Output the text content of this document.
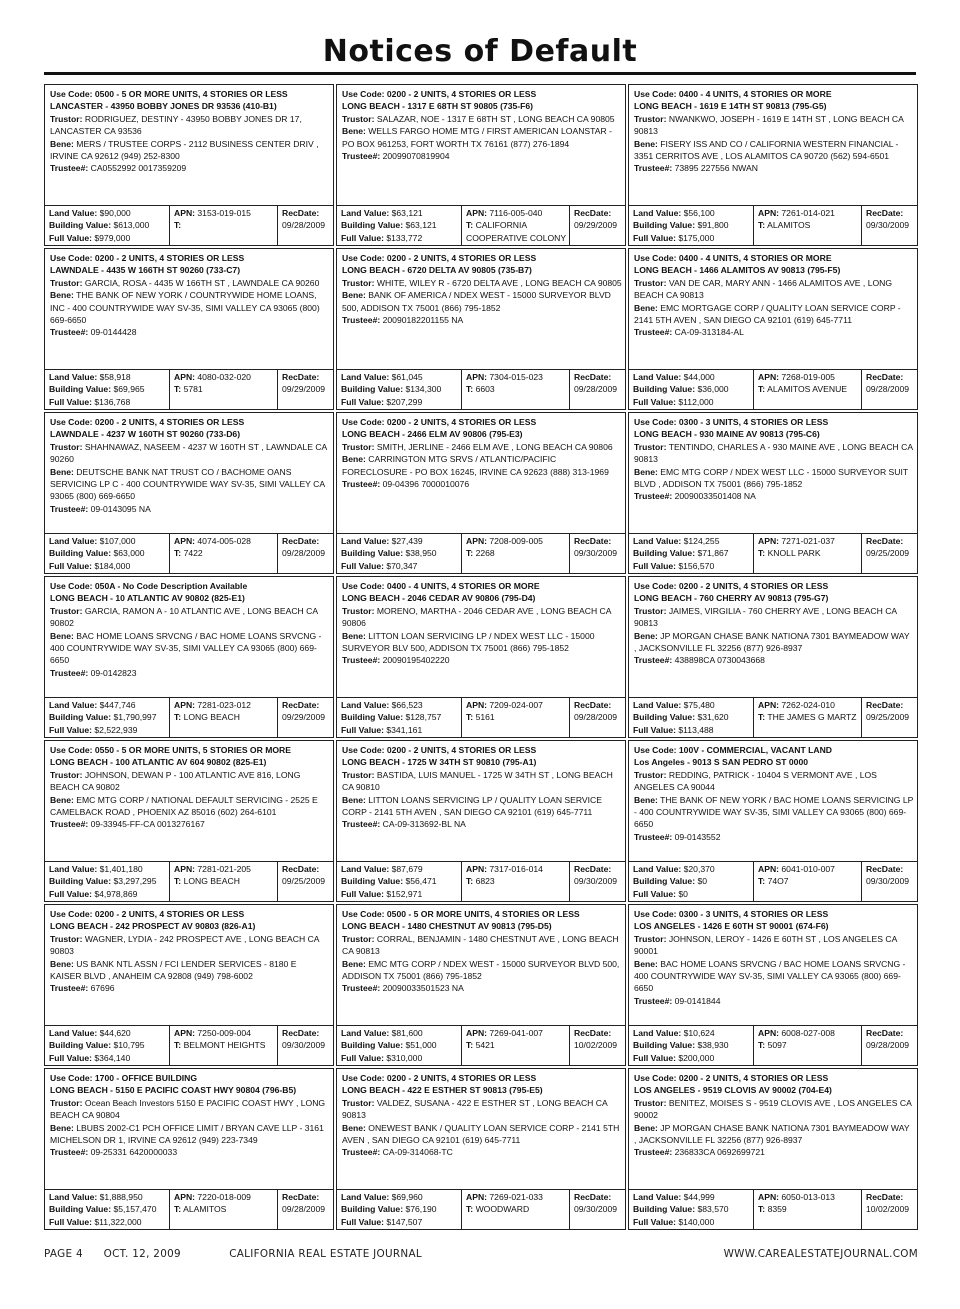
Notices of Default
Use Code: 0500 - 5 OR MORE UNITS, 4 STORIES OR LESS
LANCASTER - 43950 BOBBY JONES DR 93536 (410-B1)
Trustor: RODRIGUEZ, DESTINY - 43950 BOBBY JONES DR 17, LANCASTER CA 93536
Bene: MERS / TRUSTEE CORPS - 2112 BUSINESS CENTER DRIV , IRVINE CA 92612 (949) 252-8300
Trustee#: CA0552992 0017359209
Land Value: $90,000
Building Value: $613,000
Full Value: $979,000
APN: 3153-019-015
T:
RecDate:
09/28/2009
Use Code: 0200 - 2 UNITS, 4 STORIES OR LESS
LONG BEACH - 1317 E 68TH ST 90805 (735-F6)
Trustor: SALAZAR, NOE - 1317 E 68TH ST , LONG BEACH CA 90805
Bene: WELLS FARGO HOME MTG / FIRST AMERICAN LOANSTAR - PO BOX 961253, FORT WORTH TX 76161 (877) 276-1894
Trustee#: 20099070819904
Land Value: $63,121
Building Value: $63,121
Full Value: $133,772
APN: 7116-005-040
T: CALIFORNIA COOPERATIVE COLONY
RecDate:
09/29/2009
Use Code: 0400 - 4 UNITS, 4 STORIES OR MORE
LONG BEACH - 1619 E 14TH ST 90813 (795-G5)
Trustor: NWANKWO, JOSEPH - 1619 E 14TH ST , LONG BEACH CA 90813
Bene: FISERY ISS AND CO / CALIFORNIA WESTERN FINANCIAL - 3351 CERRITOS AVE , LOS ALAMITOS CA 90720 (562) 594-6501
Trustee#: 73895 227556 NWAN
Land Value: $56,100
Building Value: $91,800
Full Value: $175,000
APN: 7261-014-021
T: ALAMITOS
RecDate:
09/30/2009
Use Code: 0200 - 2 UNITS, 4 STORIES OR LESS
LAWNDALE - 4435 W 166TH ST 90260 (733-C7)
Trustor: GARCIA, ROSA - 4435 W 166TH ST , LAWNDALE CA 90260
Bene: THE BANK OF NEW YORK / COUNTRYWIDE HOME LOANS, INC - 400 COUNTRYWIDE WAY SV-35, SIMI VALLEY CA 93065 (800) 669-6650
Trustee#: 09-0144428
Land Value: $58,918
Building Value: $69,965
Full Value: $136,768
APN: 4080-032-020
T: 5781
RecDate:
09/29/2009
Use Code: 0200 - 2 UNITS, 4 STORIES OR LESS
LONG BEACH - 6720 DELTA AV 90805 (735-B7)
Trustor: WHITE, WILEY R - 6720 DELTA AVE , LONG BEACH CA 90805
Bene: BANK OF AMERICA / NDEX WEST - 15000 SURVEYOR BLVD 500, ADDISON TX 75001 (866) 795-1852
Trustee#: 20090182201155 NA
Land Value: $61,045
Building Value: $134,300
Full Value: $207,299
APN: 7304-015-023
T: 6603
RecDate:
09/28/2009
Use Code: 0400 - 4 UNITS, 4 STORIES OR MORE
LONG BEACH - 1466 ALAMITOS AV 90813 (795-F5)
Trustor: VAN DE CAR, MARY ANN - 1466 ALAMITOS AVE , LONG BEACH CA 90813
Bene: EMC MORTGAGE CORP / QUALITY LOAN SERVICE CORP - 2141 5TH AVEN , SAN DIEGO CA 92101 (619) 645-7711
Trustee#: CA-09-313184-AL
Land Value: $44,000
Building Value: $36,000
Full Value: $112,000
APN: 7268-019-005
T: ALAMITOS AVENUE
RecDate:
09/28/2009
Use Code: 0200 - 2 UNITS, 4 STORIES OR LESS
LAWNDALE - 4237 W 160TH ST 90260 (733-D6)
Trustor: SHAHNAWAZ, NASEEM - 4237 W 160TH ST , LAWNDALE CA 90260
Bene: DEUTSCHE BANK NAT TRUST CO / BACHOME OANS SERVICING LP C - 400 COUNTRYWIDE WAY SV-35, SIMI VALLEY CA 93065 (800) 669-6650
Trustee#: 09-0143095 NA
Land Value: $107,000
Building Value: $63,000
Full Value: $184,000
APN: 4074-005-028
T: 7422
RecDate:
09/28/2009
Use Code: 0200 - 2 UNITS, 4 STORIES OR LESS
LONG BEACH - 2466 ELM AV 90806 (795-E3)
Trustor: SMITH, JERLINE - 2466 ELM AVE , LONG BEACH CA 90806
Bene: CARRINGTON MTG SRVS / ATLANTIC/PACIFIC FORECLOSURE - PO BOX 16245, IRVINE CA 92623 (888) 313-1969
Trustee#: 09-04396 7000010076
Land Value: $27,439
Building Value: $38,950
Full Value: $70,347
APN: 7208-009-005
T: 2268
RecDate:
09/30/2009
Use Code: 0300 - 3 UNITS, 4 STORIES OR LESS
LONG BEACH - 930 MAINE AV 90813 (795-C6)
Trustor: TENTINDO, CHARLES A - 930 MAINE AVE , LONG BEACH CA 90813
Bene: EMC MTG CORP / NDEX WEST LLC - 15000 SURVEYOR SUIT BLVD , ADDISON TX 75001 (866) 795-1852
Trustee#: 20090033501408 NA
Land Value: $124,255
Building Value: $71,867
Full Value: $156,570
APN: 7271-021-037
T: KNOLL PARK
RecDate:
09/25/2009
Use Code: 050A - No Code Description Available
LONG BEACH - 10 ATLANTIC AV 90802 (825-E1)
Trustor: GARCIA, RAMON A - 10 ATLANTIC AVE , LONG BEACH CA 90802
Bene: BAC HOME LOANS SRVCNG / BAC HOME LOANS SRVCNG - 400 COUNTRYWIDE WAY SV-35, SIMI VALLEY CA 93065 (800) 669-6650
Trustee#: 09-0142823
Land Value: $447,746
Building Value: $1,790,997
Full Value: $2,522,939
APN: 7281-023-012
T: LONG BEACH
RecDate:
09/29/2009
Use Code: 0400 - 4 UNITS, 4 STORIES OR MORE
LONG BEACH - 2046 CEDAR AV 90806 (795-D4)
Trustor: MORENO, MARTHA - 2046 CEDAR AVE , LONG BEACH CA 90806
Bene: LITTON LOAN SERVICING LP / NDEX WEST LLC - 15000 SURVEYOR BLV 500, ADDISON TX 75001 (866) 795-1852
Trustee#: 20090195402220
Land Value: $66,523
Building Value: $128,757
Full Value: $341,161
APN: 7209-024-007
T: 5161
RecDate:
09/28/2009
Use Code: 0200 - 2 UNITS, 4 STORIES OR LESS
LONG BEACH - 760 CHERRY AV 90813 (795-G7)
Trustor: JAIMES, VIRGILIA - 760 CHERRY AVE , LONG BEACH CA 90813
Bene: JP MORGAN CHASE BANK NATIONA 7301 BAYMEADOW WAY , JACKSONVILLE FL 32256 (877) 926-8937
Trustee#: 438898CA 0730043668
Land Value: $75,480
Building Value: $31,620
Full Value: $113,488
APN: 7262-024-010
T: THE JAMES G MARTZ
RecDate:
09/25/2009
Use Code: 0550 - 5 OR MORE UNITS, 5 STORIES OR MORE
LONG BEACH - 100 ATLANTIC AV 604 90802 (825-E1)
Trustor: JOHNSON, DEWAN P - 100 ATLANTIC AVE 816, LONG BEACH CA 90802
Bene: EMC MTG CORP / NATIONAL DEFAULT SERVICING - 2525 E CAMELBACK ROAD , PHOENIX AZ 85016 (602) 264-6101
Trustee#: 09-33945-FF-CA 0013276167
Land Value: $1,401,180
Building Value: $3,297,295
Full Value: $4,978,869
APN: 7281-021-205
T: LONG BEACH
RecDate:
09/25/2009
Use Code: 0200 - 2 UNITS, 4 STORIES OR LESS
LONG BEACH - 1725 W 34TH ST 90810 (795-A1)
Trustor: BASTIDA, LUIS MANUEL - 1725 W 34TH ST , LONG BEACH CA 90810
Bene: LITTON LOANS SERVICING LP / QUALITY LOAN SERVICE CORP - 2141 5TH AVEN , SAN DIEGO CA 92101 (619) 645-7711
Trustee#: CA-09-313692-BL NA
Land Value: $87,679
Building Value: $56,471
Full Value: $152,971
APN: 7317-016-014
T: 6823
RecDate:
09/30/2009
Use Code: 100V - COMMERCIAL, VACANT LAND
Los Angeles - 9013 S SAN PEDRO ST 0000
Trustor: REDDING, PATRICK - 10404 S VERMONT AVE , LOS ANGELES CA 90044
Bene: THE BANK OF NEW YORK / BAC HOME LOANS SERVICING LP - 400 COUNTRYWIDE WAY SV-35, SIMI VALLEY CA 93065 (800) 669-6650
Trustee#: 09-0143552
Land Value: $20,370
Building Value: $0
Full Value: $0
APN: 6041-010-007
T: 74O7
RecDate:
09/30/2009
Use Code: 0200 - 2 UNITS, 4 STORIES OR LESS
LONG BEACH - 242 PROSPECT AV 90803 (826-A1)
Trustor: WAGNER, LYDIA - 242 PROSPECT AVE , LONG BEACH CA 90803
Bene: US BANK NTL ASSN / FCI LENDER SERVICES - 8180 E KAISER BLVD , ANAHEIM CA 92808 (949) 798-6002
Trustee#: 67696
Land Value: $44,620
Building Value: $10,795
Full Value: $364,140
APN: 7250-009-004
T: BELMONT HEIGHTS
RecDate:
09/30/2009
Use Code: 0500 - 5 OR MORE UNITS, 4 STORIES OR LESS
LONG BEACH - 1480 CHESTNUT AV 90813 (795-D5)
Trustor: CORRAL, BENJAMIN - 1480 CHESTNUT AVE , LONG BEACH CA 90813
Bene: EMC MTG CORP / NDEX WEST - 15000 SURVEYOR BLVD 500, ADDISON TX 75001 (866) 795-1852
Trustee#: 20090033501523 NA
Land Value: $81,600
Building Value: $51,000
Full Value: $310,000
APN: 7269-041-007
T: 5421
RecDate:
10/02/2009
Use Code: 0300 - 3 UNITS, 4 STORIES OR LESS
LOS ANGELES - 1426 E 60TH ST 90001 (674-F6)
Trustor: JOHNSON, LEROY - 1426 E 60TH ST , LOS ANGELES CA 90001
Bene: BAC HOME LOANS SRVCNG / BAC HOME LOANS SRVCNG - 400 COUNTRYWIDE WAY SV-35, SIMI VALLEY CA 93065 (800) 669-6650
Trustee#: 09-0141844
Land Value: $10,624
Building Value: $38,930
Full Value: $200,000
APN: 6008-027-008
T: 5097
RecDate:
09/28/2009
Use Code: 1700 - OFFICE BUILDING
LONG BEACH - 5150 E PACIFIC COAST HWY 90804 (796-B5)
Trustor: Ocean Beach Investors 5150 E PACIFIC COAST HWY , LONG BEACH CA 90804
Bene: LBUBS 2002-C1 PCH OFFICE LIMIT / BRYAN CAVE LLP - 3161 MICHELSON DR 1, IRVINE CA 92612 (949) 223-7349
Trustee#: 09-25331 6420000033
Land Value: $1,888,950
Building Value: $5,157,470
Full Value: $11,322,000
APN: 7220-018-009
T: ALAMITOS
RecDate:
09/28/2009
Use Code: 0200 - 2 UNITS, 4 STORIES OR LESS
LONG BEACH - 422 E ESTHER ST 90813 (795-E5)
Trustor: VALDEZ, SUSANA - 422 E ESTHER ST , LONG BEACH CA 90813
Bene: ONEWEST BANK / QUALITY LOAN SERVICE CORP - 2141 5TH AVEN , SAN DIEGO CA 92101 (619) 645-7711
Trustee#: CA-09-314068-TC
Land Value: $69,960
Building Value: $76,190
Full Value: $147,507
APN: 7269-021-033
T: WOODWARD
RecDate:
09/30/2009
Use Code: 0200 - 2 UNITS, 4 STORIES OR LESS
LOS ANGELES - 9519 CLOVIS AV 90002 (704-E4)
Trustor: BENITEZ, MOISES S - 9519 CLOVIS AVE , LOS ANGELES CA 90002
Bene: JP MORGAN CHASE BANK NATIONA 7301 BAYMEADOW WAY , JACKSONVILLE FL 32256 (877) 926-8937
Trustee#: 236833CA 0692699721
Land Value: $44,999
Building Value: $83,570
Full Value: $140,000
APN: 6050-013-013
T: 8359
RecDate:
10/02/2009
PAGE 4 OCT. 12, 2009	CALIFORNIA REAL ESTATE JOURNAL	WWW.CAREALESTATEJOURNAL.COM
